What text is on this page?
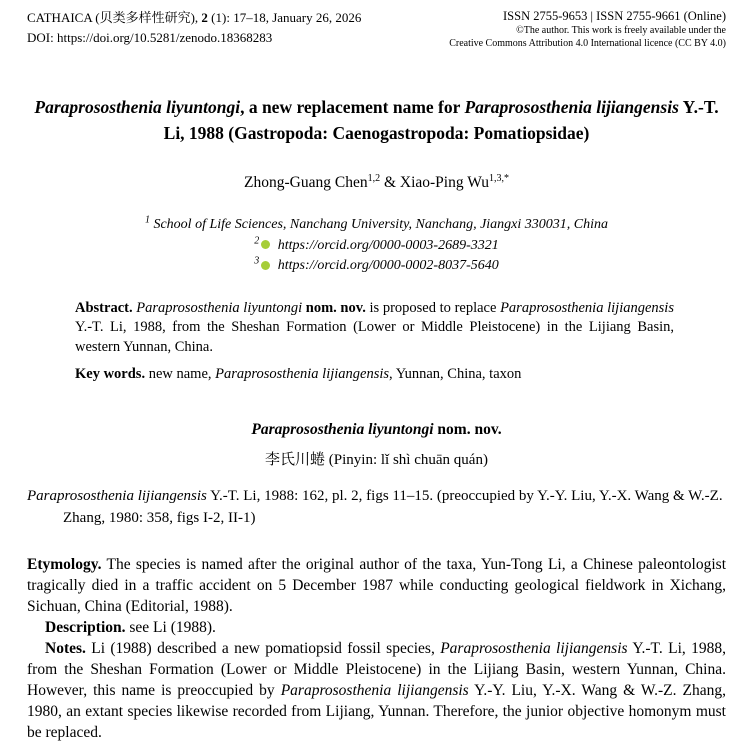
CATHAICA (贝类多样性研究), 2 (1): 17–18, January 26, 2026
DOI: https://doi.org/10.5281/zenodo.18368283
ISSN 2755-9653 | ISSN 2755-9661 (Online)
©The author. This work is freely available under the
Creative Commons Attribution 4.0 International licence (CC BY 4.0)
Paraprososthenia liyuntongi, a new replacement name for Paraprososthenia lijiangensis Y.-T. Li, 1988 (Gastropoda: Caenogastropoda: Pomatiopsidae)
Zhong-Guang Chen$^{1,2}$ & Xiao-Ping $Wu^{1,3,*}$
$^1$ School of Life Sciences, Nanchang University, Nanchang, Jiangxi 330031, China
$^2$ https://orcid.org/0000-0003-2689-3321
$^3$ https://orcid.org/0000-0002-8037-5640
Abstract. Paraprososthenia liyuntongi nom. nov. is proposed to replace Paraprososthenia lijiangensis Y.-T. Li, 1988, from the Sheshan Formation (Lower or Middle Pleistocene) in the Lijiang Basin, western Yunnan, China.
Key words. new name, Paraprososthenia lijiangensis, Yunnan, China, taxon
Paraprososthenia liyuntongi nom. nov.
李氏川蜷 (Pinyin: lǐ shì chuān quán)
Paraprososthenia lijiangensis Y.-T. Li, 1988: 162, pl. 2, figs 11–15. (preoccupied by Y.-Y. Liu, Y.-X. Wang & W.-Z. Zhang, 1980: 358, figs I-2, II-1)
Etymology. The species is named after the original author of the taxa, Yun-Tong Li, a Chinese paleontologist tragically died in a traffic accident on 5 December 1987 while conducting geological fieldwork in Xichang, Sichuan, China (Editorial, 1988).
Description. see Li (1988).
Notes. Li (1988) described a new pomatiopsid fossil species, Paraprososthenia lijiangensis Y.-T. Li, 1988, from the Sheshan Formation (Lower or Middle Pleistocene) in the Lijiang Basin, western Yunnan, China. However, this name is preoccupied by Paraprososthenia lijiangensis Y.-Y. Liu, Y.-X. Wang & W.-Z. Zhang, 1980, an extant species likewise recorded from Lijiang, Yunnan. Therefore, the junior objective homonym must be replaced.
